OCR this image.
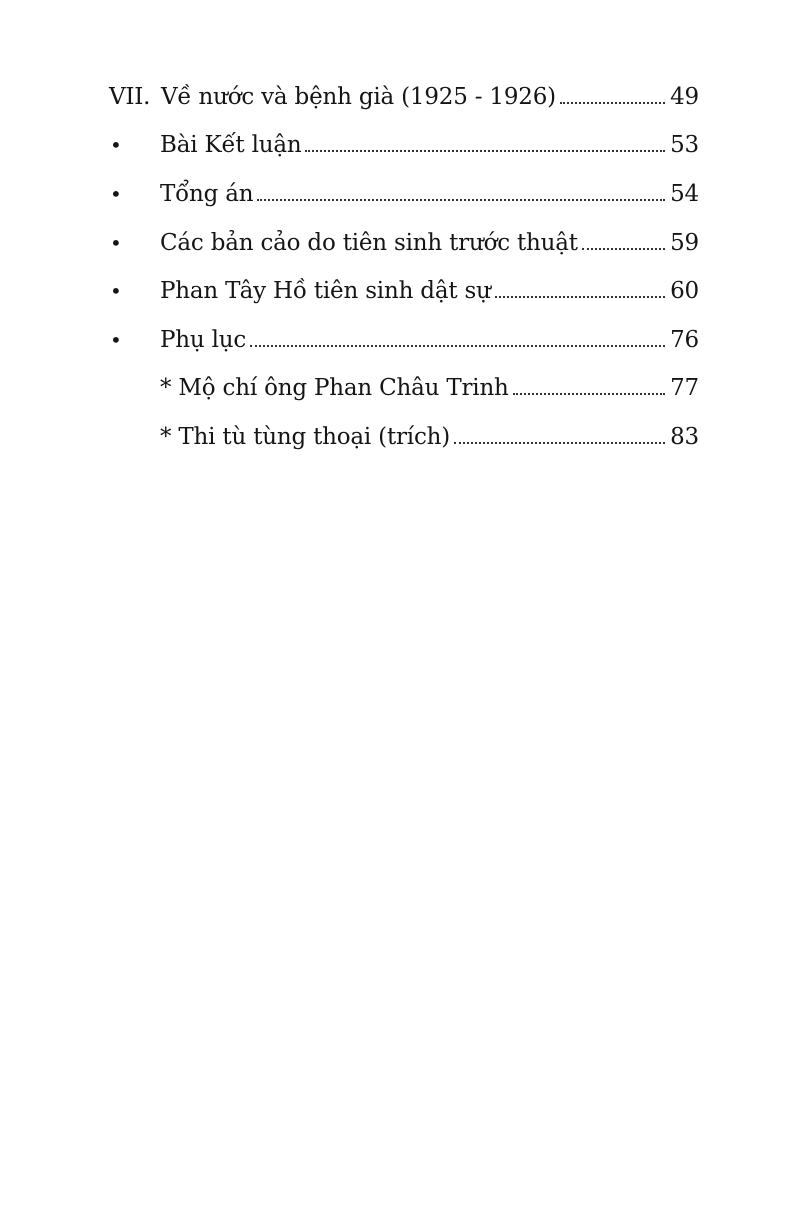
VII. Về nước và bệnh già (1925 - 1926)	49
• Bài Kết luận	53
• Tổng án	54
• Các bản cảo do tiên sinh trước thuật	59
• Phan Tây Hồ tiên sinh dật sự	60
• Phụ lục	76
* Mộ chí ông Phan Châu Trinh	77
* Thi tù tùng thoại (trích)	83
